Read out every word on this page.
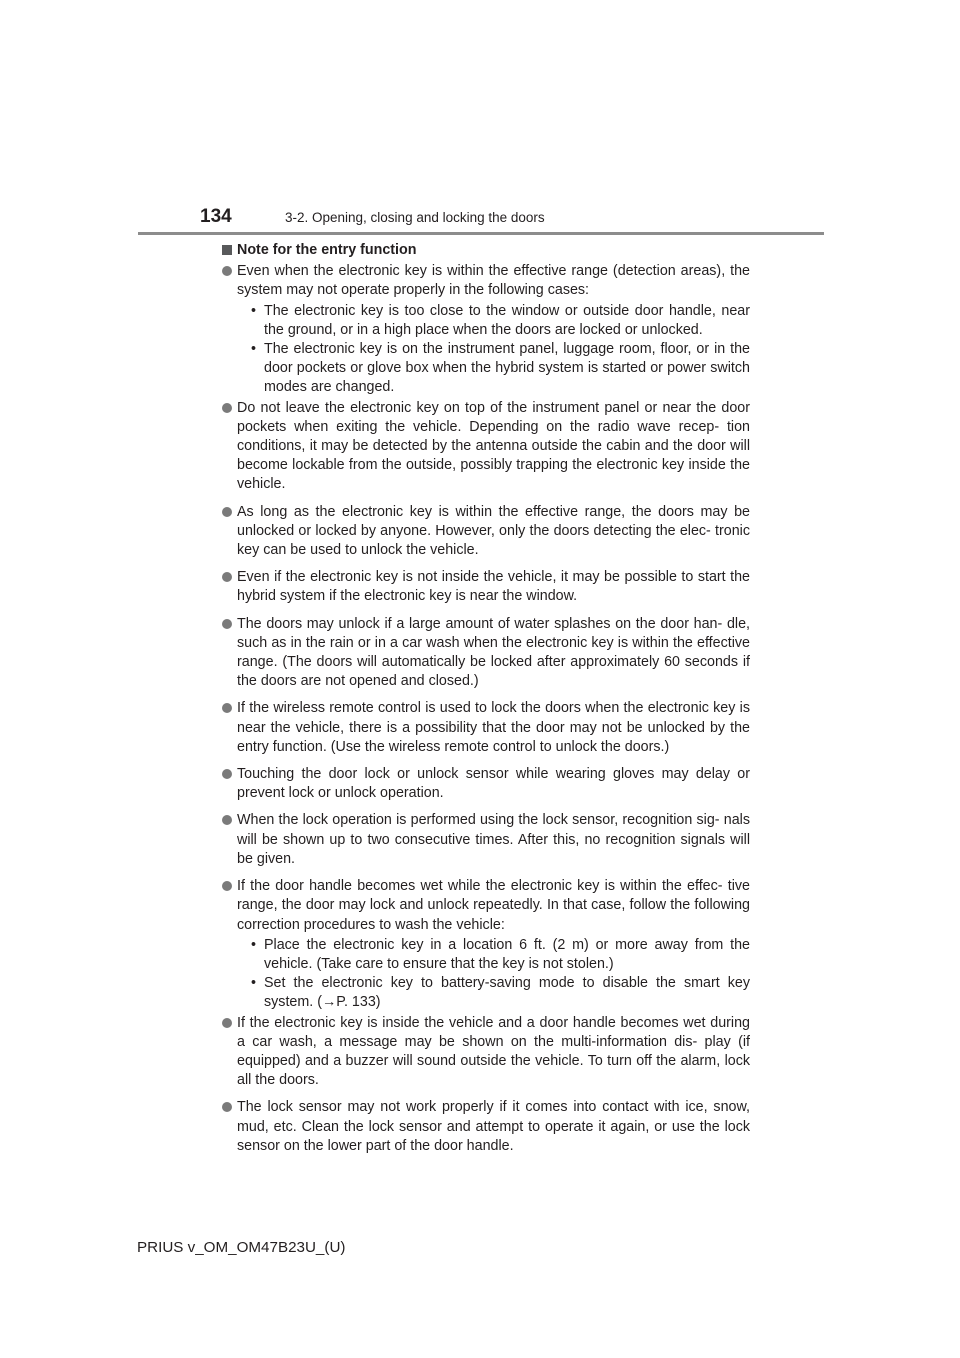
134	3-2. Opening, closing and locking the doors
Note for the entry function
Even when the electronic key is within the effective range (detection areas), the system may not operate properly in the following cases:
• The electronic key is too close to the window or outside door handle, near the ground, or in a high place when the doors are locked or unlocked.
• The electronic key is on the instrument panel, luggage room, floor, or in the door pockets or glove box when the hybrid system is started or power switch modes are changed.
Do not leave the electronic key on top of the instrument panel or near the door pockets when exiting the vehicle. Depending on the radio wave recep- tion conditions, it may be detected by the antenna outside the cabin and the door will become lockable from the outside, possibly trapping the electronic key inside the vehicle.
As long as the electronic key is within the effective range, the doors may be unlocked or locked by anyone. However, only the doors detecting the elec- tronic key can be used to unlock the vehicle.
Even if the electronic key is not inside the vehicle, it may be possible to start the hybrid system if the electronic key is near the window.
The doors may unlock if a large amount of water splashes on the door han- dle, such as in the rain or in a car wash when the electronic key is within the effective range. (The doors will automatically be locked after approximately 60 seconds if the doors are not opened and closed.)
If the wireless remote control is used to lock the doors when the electronic key is near the vehicle, there is a possibility that the door may not be unlocked by the entry function. (Use the wireless remote control to unlock the doors.)
Touching the door lock or unlock sensor while wearing gloves may delay or prevent lock or unlock operation.
When the lock operation is performed using the lock sensor, recognition sig- nals will be shown up to two consecutive times. After this, no recognition signals will be given.
If the door handle becomes wet while the electronic key is within the effec- tive range, the door may lock and unlock repeatedly. In that case, follow the following correction procedures to wash the vehicle:
• Place the electronic key in a location 6 ft. (2 m) or more away from the vehicle. (Take care to ensure that the key is not stolen.)
• Set the electronic key to battery-saving mode to disable the smart key system. (→P. 133)
If the electronic key is inside the vehicle and a door handle becomes wet during a car wash, a message may be shown on the multi-information dis- play (if equipped) and a buzzer will sound outside the vehicle. To turn off the alarm, lock all the doors.
The lock sensor may not work properly if it comes into contact with ice, snow, mud, etc. Clean the lock sensor and attempt to operate it again, or use the lock sensor on the lower part of the door handle.
PRIUS v_OM_OM47B23U_(U)
